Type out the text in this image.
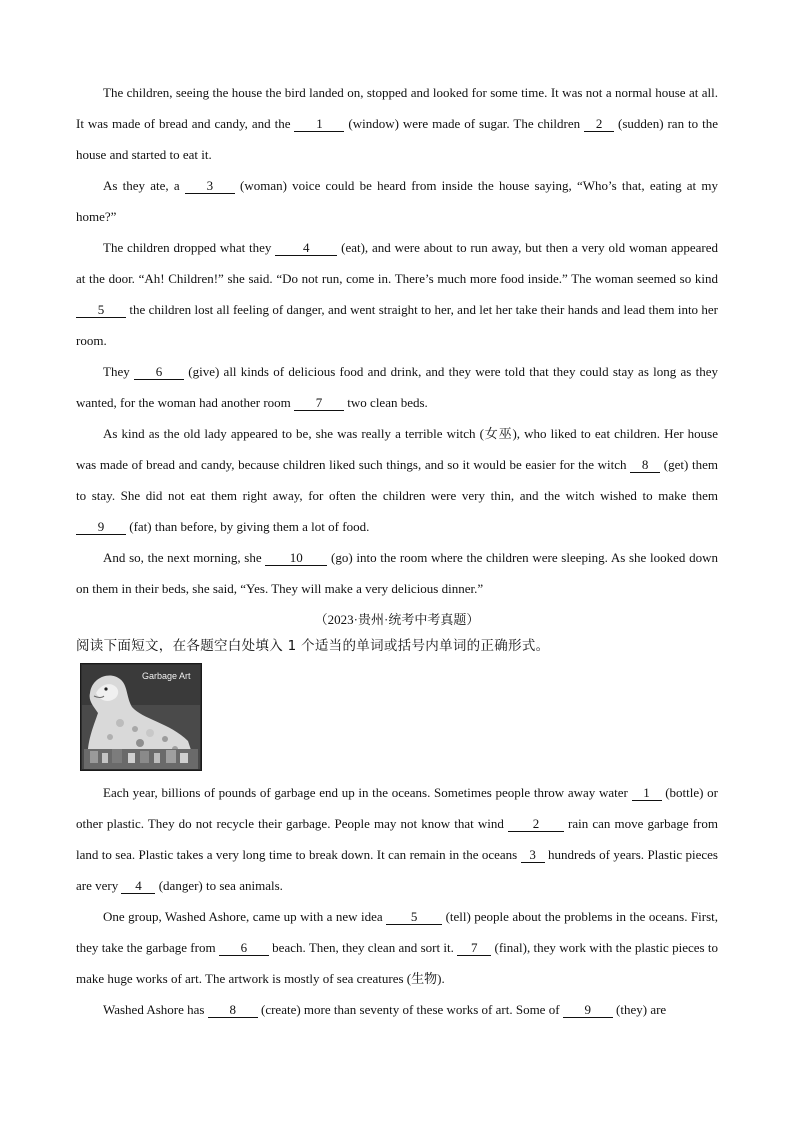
The children, seeing the house the bird landed on, stopped and looked for some time. It was not a normal house at all. It was made of bread and candy, and the 1 (window) were made of sugar. The children 2 (sudden) ran to the house and started to eat it.

As they ate, a 3 (woman) voice could be heard from inside the house saying, “Who’s that, eating at my home?”

The children dropped what they 4 (eat), and were about to run away, but then a very old woman appeared at the door. “Ah! Children!” she said. “Do not run, come in. There’s much more food inside.” The woman seemed so kind 5 the children lost all feeling of danger, and went straight to her, and let her take their hands and lead them into her room.

They 6 (give) all kinds of delicious food and drink, and they were told that they could stay as long as they wanted, for the woman had another room 7 two clean beds.

As kind as the old lady appeared to be, she was really a terrible witch (女巫), who liked to eat children. Her house was made of bread and candy, because children liked such things, and so it would be easier for the witch 8 (get) them to stay. She did not eat them right away, for often the children were very thin, and the witch wished to make them 9 (fat) than before, by giving them a lot of food.

And so, the next morning, she 10 (go) into the room where the children were sleeping. As she looked down on them in their beds, she said, “Yes. They will make a very delicious dinner.”

（2023·贵州·统考中考真题）

阅读下面短文，在各题空白处填入 1 个适当的单词或括号内单词的正确形式。

Garbage Art

Each year, billions of pounds of garbage end up in the oceans. Sometimes people throw away water 1 (bottle) or other plastic. They do not recycle their garbage. People may not know that wind 2 rain can move garbage from land to sea. Plastic takes a very long time to break down. It can remain in the oceans 3 hundreds of years. Plastic pieces are very 4 (danger) to sea animals.

One group, Washed Ashore, came up with a new idea 5 (tell) people about the problems in the oceans. First, they take the garbage from 6 beach. Then, they clean and sort it. 7 (final), they work with the plastic pieces to make huge works of art. The artwork is mostly of sea creatures (生物).

Washed Ashore has 8 (create) more than seventy of these works of art. Some of 9 (they) are
